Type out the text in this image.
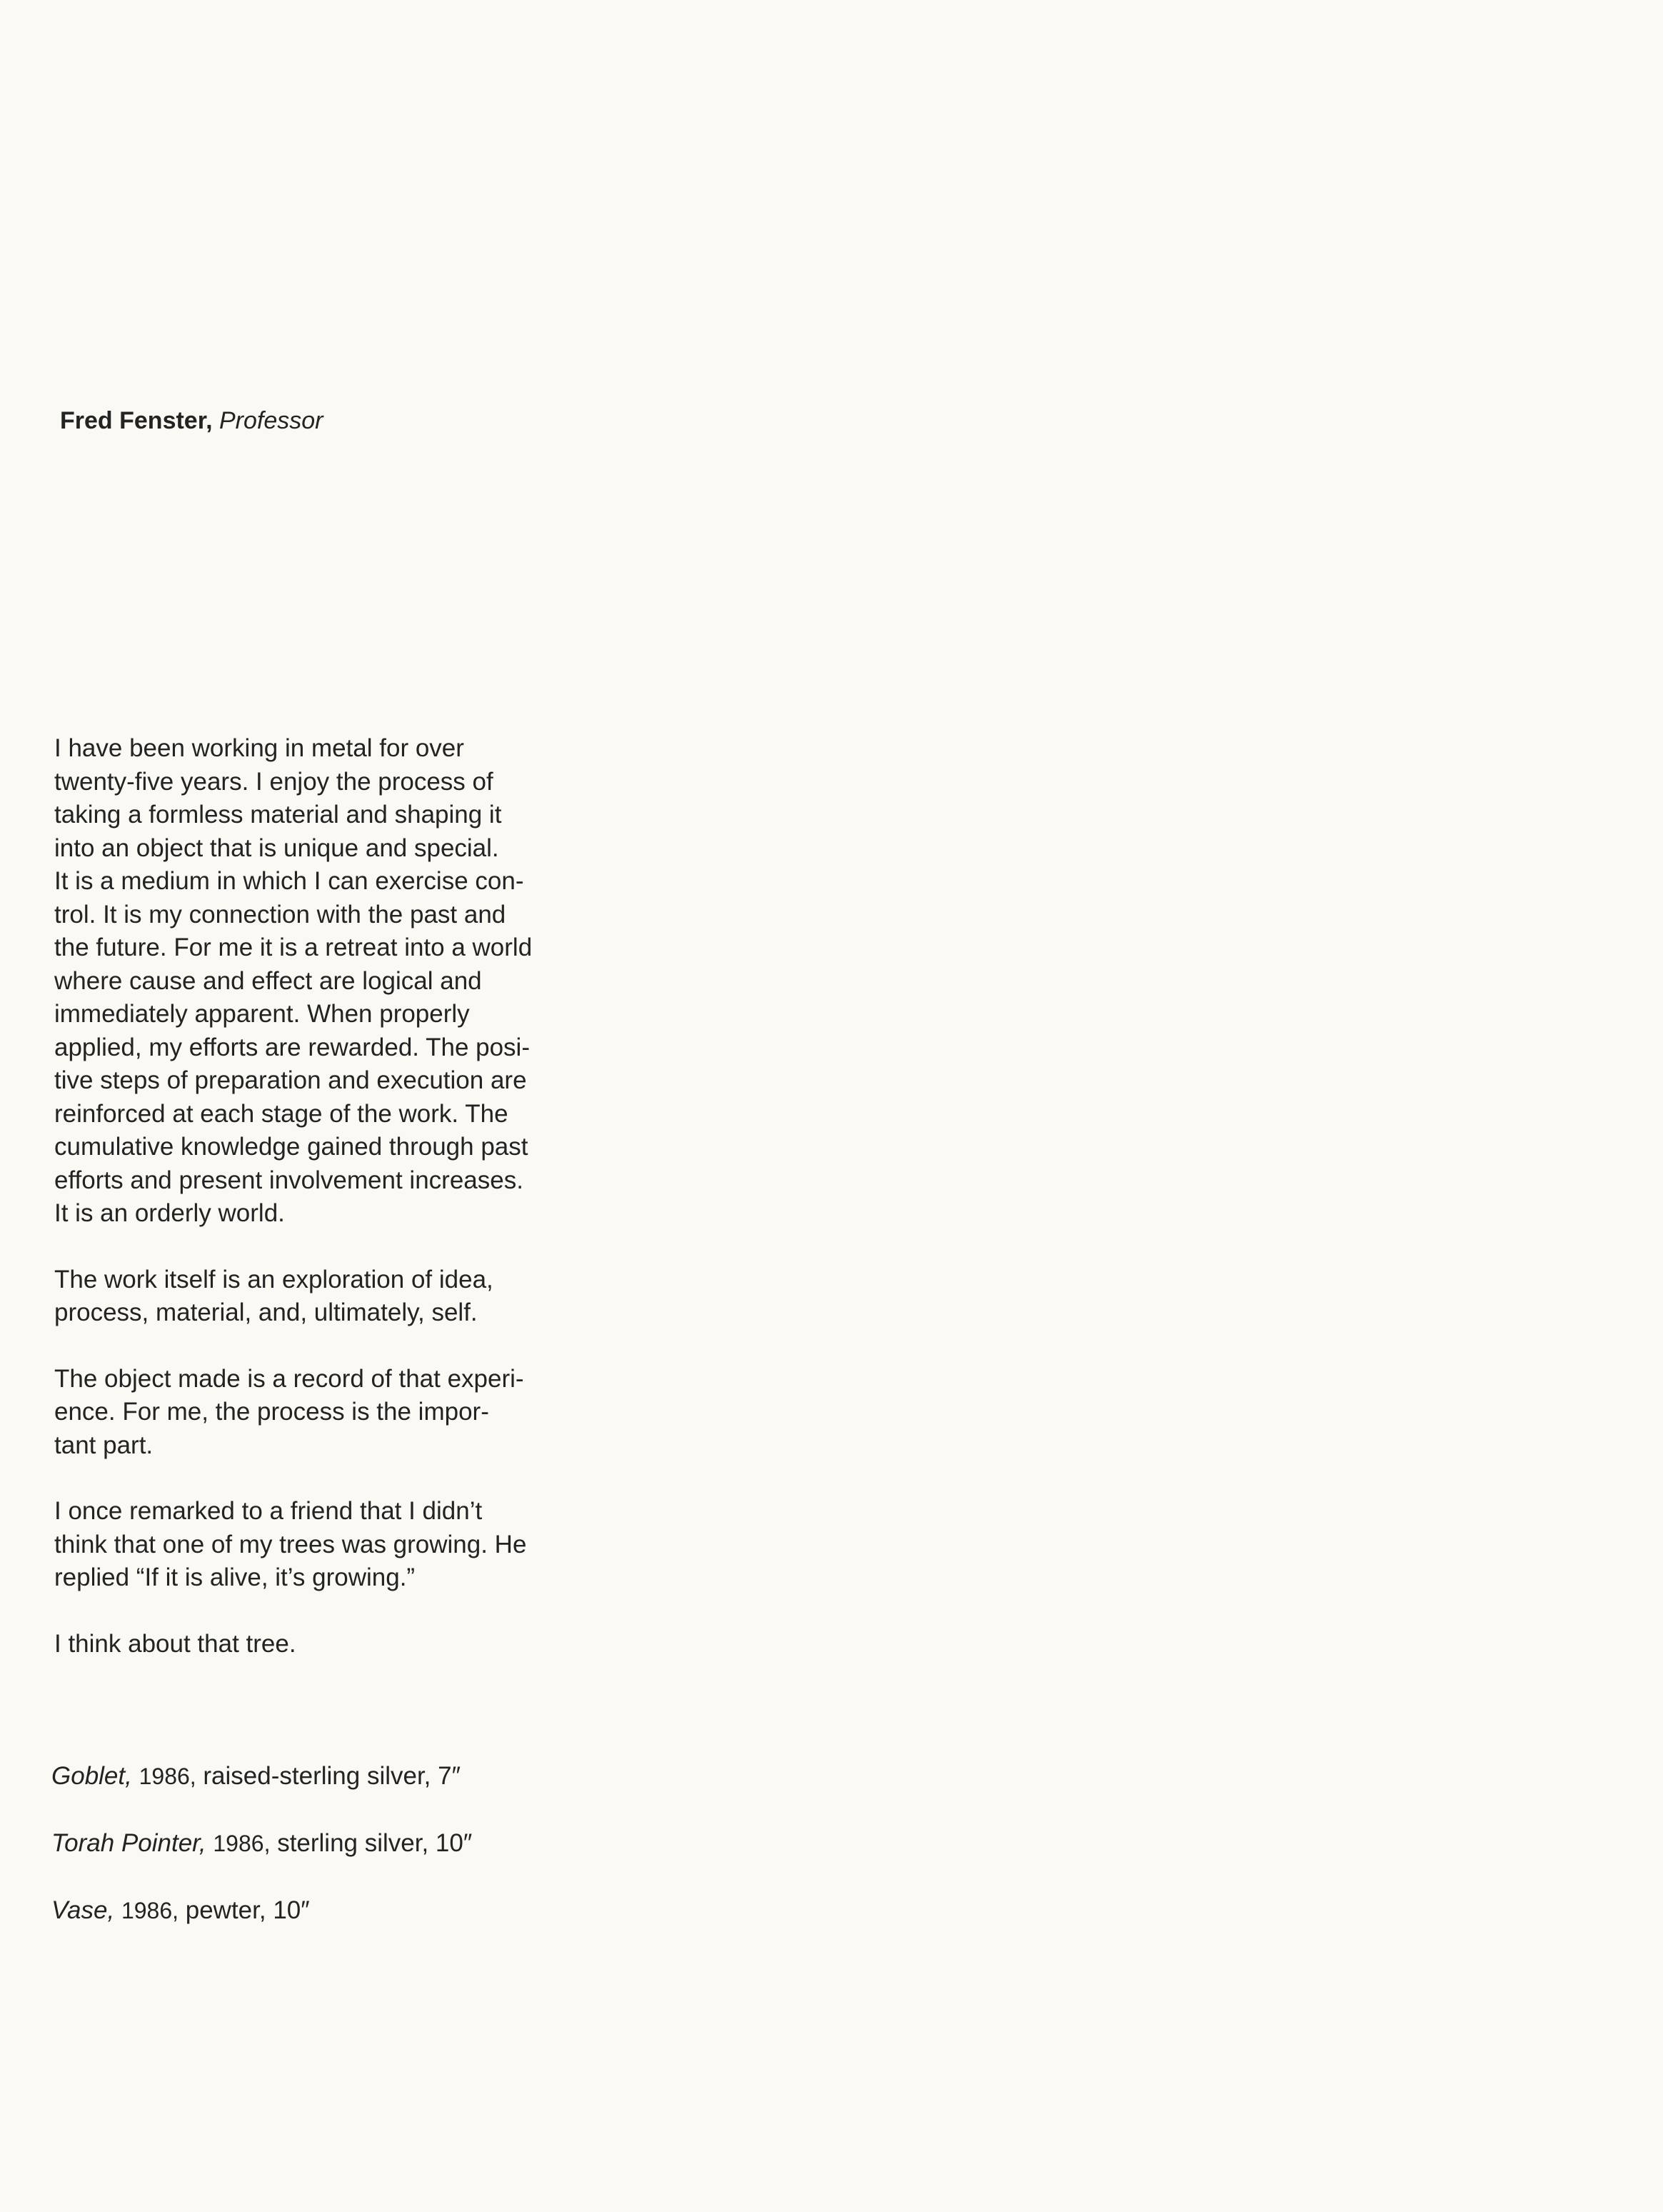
Fred Fenster, Professor

I have been working in metal for over
twenty-five years. I enjoy the process of
taking a formless material and shaping it
into an object that is unique and special.
It is a medium in which I can exercise con-
trol. It is my connection with the past and
the future. For me it is a retreat into a world
where cause and effect are logical and
immediately apparent. When properly
applied, my efforts are rewarded. The posi-
tive steps of preparation and execution are
reinforced at each stage of the work. The
cumulative knowledge gained through past
efforts and present involvement increases.
It is an orderly world.

The work itself is an exploration of idea,
process, material, and, ultimately, self.

The object made is a record of that experi-
ence. For me, the process is the impor-
tant part.

I once remarked to a friend that I didn’t
think that one of my trees was growing. He
replied “If it is alive, it’s growing.”

I think about that tree.

Goblet, 1986, raised-sterling silver, 7″

Torah Pointer, 1986, sterling silver, 10″

Vase, 1986, pewter, 10″
